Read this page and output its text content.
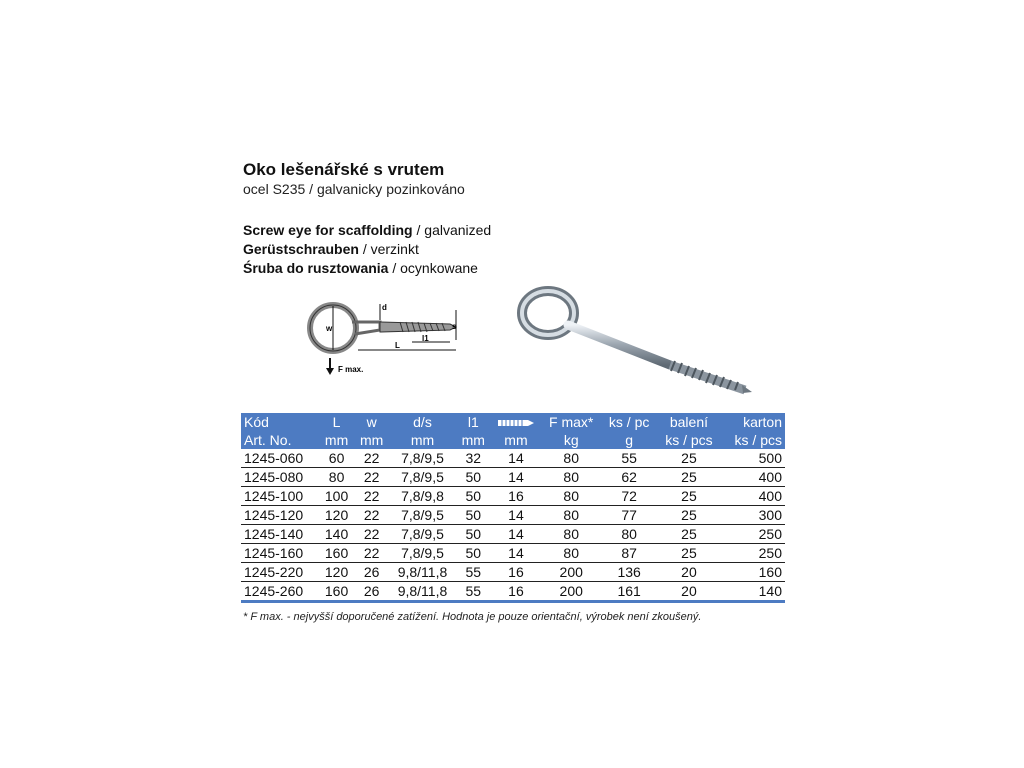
Oko lešenářské s vrutem
ocel S235 / galvanicky pozinkováno
Screw eye for scaffolding / galvanized
Gerüstschrauben / verzinkt
Śruba do rusztowania / ocynkowane
w
d
s
l1
L
F max.
Kód	L	w	d/s	l1		F max*	ks / pc	balení	karton
Art. No.	mm	mm	mm	mm	mm	kg	g	ks / pcs	ks / pcs
1245-060	60	22	7,8/9,5	32	14	80	55	25	500
1245-080	80	22	7,8/9,5	50	14	80	62	25	400
1245-100	100	22	7,8/9,8	50	16	80	72	25	400
1245-120	120	22	7,8/9,5	50	14	80	77	25	300
1245-140	140	22	7,8/9,5	50	14	80	80	25	250
1245-160	160	22	7,8/9,5	50	14	80	87	25	250
1245-220	120	26	9,8/11,8	55	16	200	136	20	160
1245-260	160	26	9,8/11,8	55	16	200	161	20	140
* F max. - nejvyšší doporučené zatížení. Hodnota je pouze orientační, výrobek není zkoušený.
